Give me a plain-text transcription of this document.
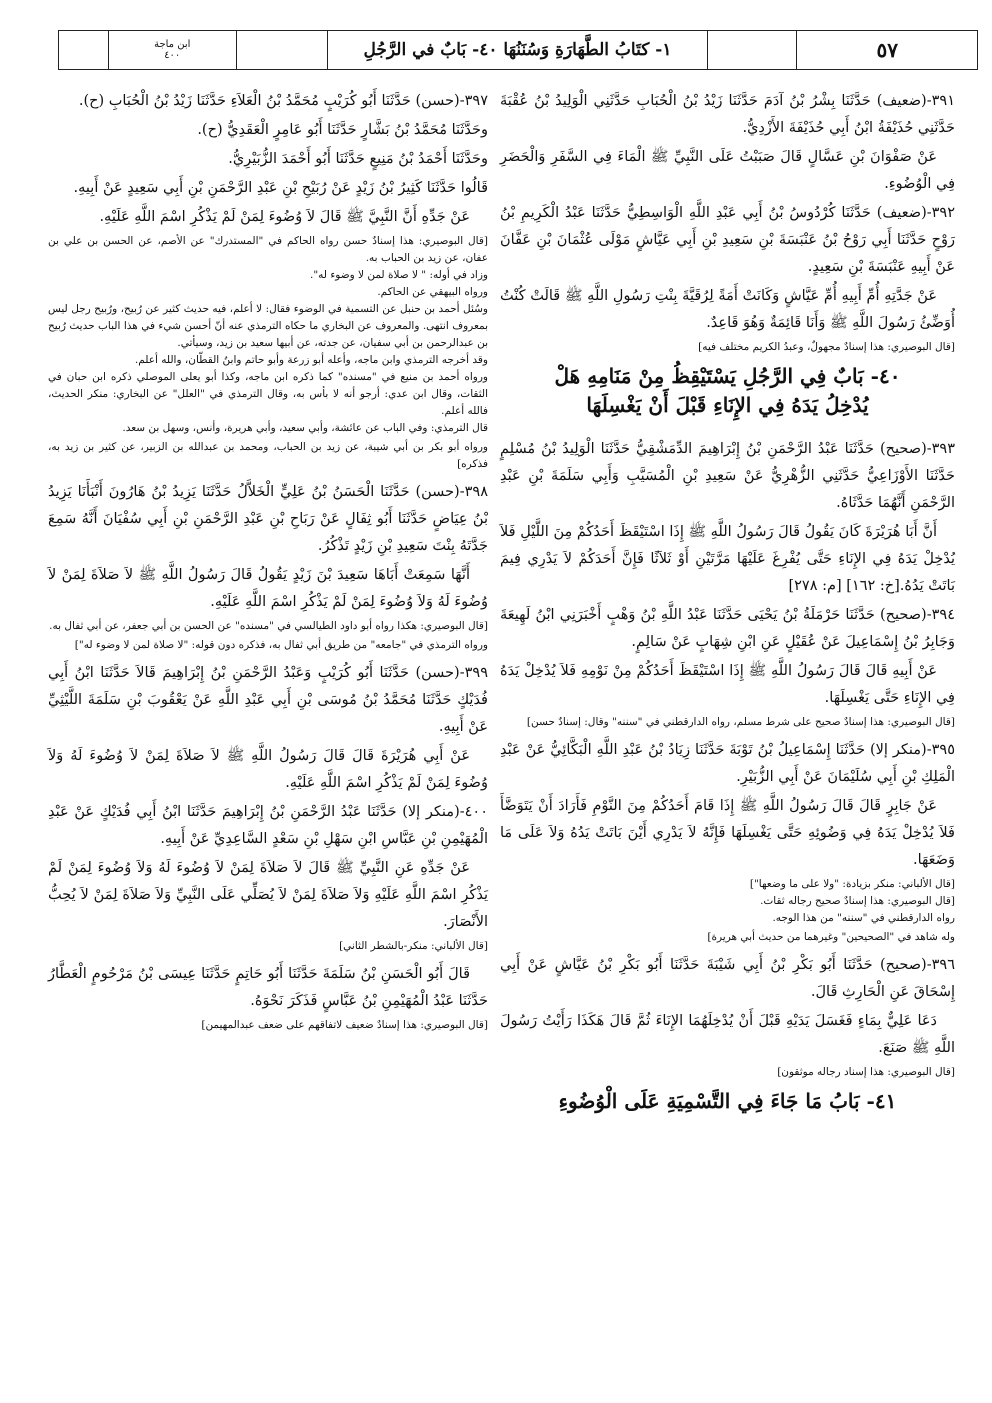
ابن ماجة
٤٠٠	١- كتَابُ الطَّهَارَةِ وَسُنَنُهَا ٤٠- بَابٌ في الرَّجُلِ	٥٧

٣٩١-(ضعيف) حَدَّثَنَا بِشْرُ بْنُ آدَمَ حَدَّثَنَا زَيْدُ بْنُ الْحُبَابِ حَدَّثَنِي الْوَلِيدُ بْنُ عُقْبَةَ حَدَّثَنِي حُذَيْفَةُ ابْنُ أَبِي حُذَيْفَةَ الأَزْدِيُّ.

عَنْ صَفْوَانَ بْنِ عَسَّالٍ قَالَ صَبَبْتُ عَلَى النَّبِيِّ ﷺ الْمَاءَ فِي السَّفَرِ وَالْحَضَرِ فِي الْوُضُوءِ.

٣٩٢-(ضعيف) حَدَّثَنَا كُرْدُوسُ بْنُ أَبِي عَبْدِ اللَّهِ الْوَاسِطِيُّ حَدَّثَنَا عَبْدُ الْكَرِيمِ بْنُ رَوْحٍ حَدَّثَنَا أَبِي رَوْحُ بْنُ عَنْبَسَةَ بْنِ سَعِيدِ بْنِ أَبِي عَيَّاشٍ مَوْلَى عُثْمَانَ بْنِ عَفَّانَ عَنْ أَبِيهِ عَنْبَسَةَ بْنِ سَعِيدٍ.

عَنْ جَدَّتِهِ أُمِّ أَبِيهِ أُمِّ عَيَّاشٍ وَكَانَتْ أَمَةً لِرُقَيَّةَ بِنْتِ رَسُولِ اللَّهِ ﷺ قَالَتْ كُنْتُ أُوَضِّئُ رَسُولَ اللَّهِ ﷺ وَأَنَا قَائِمَةٌ وَهُوَ قَاعِدٌ.

[قال البوصيري: هذا إسنادٌ مجهولٌ، وعبدُ الكريم مختلف فيه]

٤٠- بَابٌ فِي الرَّجُلِ يَسْتَيْقِظُ مِنْ مَنَامِهِ هَلْ يُدْخِلُ يَدَهُ فِي الإِنَاءِ قَبْلَ أَنْ يَغْسِلَهَا

٣٩٣-(صحيح) حَدَّثَنَا عَبْدُ الرَّحْمَنِ بْنُ إِبْرَاهِيمَ الدِّمَشْقِيُّ حَدَّثَنَا الْوَلِيدُ بْنُ مُسْلِمٍ حَدَّثَنَا الأَوْزَاعِيُّ حَدَّثَنِي الزُّهْرِيُّ عَنْ سَعِيدِ بْنِ الْمُسَيَّبِ وَأَبِي سَلَمَةَ بْنِ عَبْدِ الرَّحْمَنِ أَنَّهُمَا حَدَّثَاهُ.

أَنَّ أَبَا هُرَيْرَةَ كَانَ يَقُولُ قَالَ رَسُولُ اللَّهِ ﷺ إِذَا اسْتَيْقَظَ أَحَدُكُمْ مِنَ اللَّيْلِ فَلاَ يُدْخِلْ يَدَهُ فِي الإِنَاءِ حَتَّى يُفْرِغَ عَلَيْهَا مَرَّتَيْنِ أَوْ ثَلاَثًا فَإِنَّ أَحَدَكُمْ لاَ يَدْرِي فِيمَ بَاتَتْ يَدُهُ.[خ: ١٦٢] [م: ٢٧٨]

٣٩٤-(صحيح) حَدَّثَنَا حَرْمَلَةُ بْنُ يَحْيَى حَدَّثَنَا عَبْدُ اللَّهِ بْنُ وَهْبٍ أَخْبَرَنِي ابْنُ لَهِيعَةَ وَجَابِرُ بْنُ إِسْمَاعِيلَ عَنْ عُقَيْلٍ عَنِ ابْنِ شِهَابٍ عَنْ سَالِمٍ.

عَنْ أَبِيهِ قَالَ قَالَ رَسُولُ اللَّهِ ﷺ إِذَا اسْتَيْقَظَ أَحَدُكُمْ مِنْ نَوْمِهِ فَلاَ يُدْخِلْ يَدَهُ فِي الإِنَاءِ حَتَّى يَغْسِلَهَا.

[قال البوصيري: هذا إسنادٌ صحيح على شرط مسلم، رواه الدارقطني في "سننه" وقال: إسنادٌ حسن]

٣٩٥-(منكر إلا) حَدَّثَنَا إِسْمَاعِيلُ بْنُ تَوْبَةَ حَدَّثَنَا زِيَادُ بْنُ عَبْدِ اللَّهِ الْبَكَّائِيُّ عَنْ عَبْدِ الْمَلِكِ بْنِ أَبِي سُلَيْمَانَ عَنْ أَبِي الزُّبَيْرِ.

عَنْ جَابِرٍ قَالَ قَالَ رَسُولُ اللَّهِ ﷺ إِذَا قَامَ أَحَدُكُمْ مِنَ النَّوْمِ فَأَرَادَ أَنْ يَتَوَضَّأَ فَلاَ يُدْخِلْ يَدَهُ فِي وَضُوئِهِ حَتَّى يَغْسِلَهَا فَإِنَّهُ لاَ يَدْرِي أَيْنَ بَاتَتْ يَدُهُ وَلاَ عَلَى مَا وَضَعَهَا.

[قال الألباني: منكر بزيادة: "ولا على ما وضعها"]

[قال البوصيري: هذا إسنادٌ صحيح رجاله ثقات.

رواه الدارقطني في "سننه" من هذا الوجه.

وله شاهد في "الصحيحين" وغيرهما من حديث أبي هريرة]

٣٩٦-(صحيح) حَدَّثَنَا أَبُو بَكْرِ بْنُ أَبِي شَيْبَةَ حَدَّثَنَا أَبُو بَكْرِ بْنُ عَيَّاشٍ عَنْ أَبِي إِسْحَاقَ عَنِ الْحَارِثِ قَالَ.

دَعَا عَلِيٌّ بِمَاءٍ فَغَسَلَ يَدَيْهِ قَبْلَ أَنْ يُدْخِلَهُمَا الإِنَاءَ ثُمَّ قَالَ هَكَذَا رَأَيْتُ رَسُولَ اللَّهِ ﷺ صَنَعَ.

[قال البوصيري: هذا إسناد رجاله موثقون]

٤١- بَابُ مَا جَاءَ فِي التَّسْمِيَةِ عَلَى الْوُضُوءِ

٣٩٧-(حسن) حَدَّثَنَا أَبُو كُرَيْبٍ مُحَمَّدُ بْنُ الْعَلاَءِ حَدَّثَنَا زَيْدُ بْنُ الْحُبَابِ (ح).

وحَدَّثَنَا مُحَمَّدُ بْنُ بَشَّارٍ حَدَّثَنَا أَبُو عَامِرٍ الْعَقَدِيُّ (ح).

وحَدَّثَنَا أَحْمَدُ بْنُ مَنِيعٍ حَدَّثَنَا أَبُو أَحْمَدَ الزُّبَيْرِيُّ.

قَالُوا حَدَّثَنَا كَثِيرُ بْنُ زَيْدٍ عَنْ رُبَيْحِ بْنِ عَبْدِ الرَّحْمَنِ بْنِ أَبِي سَعِيدٍ عَنْ أَبِيهِ.

عَنْ جَدِّهِ أَنَّ النَّبِيَّ ﷺ قَالَ لاَ وُضُوءَ لِمَنْ لَمْ يَذْكُرِ اسْمَ اللَّهِ عَلَيْهِ.

[قال البوصيري: هذا إسنادٌ حسن رواه الحاكم في "المستدرك" عن الأصم، عن الحسن بن علي بن عفان، عن زيد بن الحباب به.

وزاد في أوله: " لا صلاة لمن لا وضوء له".

ورواه البيهقي عن الحاكم.

وسُئل أحمد بن حنبل عن التسمية في الوضوء فقال: لا أعلم، فيه حديث كثير عن رُبيح، ورُبيح رجل ليس بمعروف انتهى. والمعروف عن البخاري ما حكاه الترمذي عنه أنّ أحسن شيء في هذا الباب حديث رُبيح بن عبدالرحمن بن أبي سفيان، عن جدته، عن أبيها سعيد بن زيد، وسيأتي.

وقد أخرجه الترمذي وابن ماجه، وأعله أبو زرعة وأبو حاتم وابنُ القطّان، والله أعلم.

ورواه أحمد بن منيع في "مسنده" كما ذكره ابن ماجه، وكذا أبو يعلى الموصلي ذكره ابن حبان في الثقات، وقال ابن عدي: أرجو أنه لا بأس به، وقال الترمذي في "العلل" عن البخاري: منكر الحديث، فالله أعلم.

قال الترمذي: وفي الباب عن عائشة، وأبي سعيد، وأبي هريرة، وأنس، وسهل بن سعد.

ورواه أبو بكر بن أبي شيبة، عن زيد بن الحباب، ومحمد بن عبدالله بن الزبير، عن كثير بن زيد به، فذكره]

٣٩٨-(حسن) حَدَّثَنَا الْحَسَنُ بْنُ عَلِيٍّ الْخَلاَّلُ حَدَّثَنَا يَزِيدُ بْنُ هَارُونَ أَنْبَأَنَا يَزِيدُ بْنُ عِيَاضٍ حَدَّثَنَا أَبُو ثِفَالٍ عَنْ رَبَاحِ بْنِ عَبْدِ الرَّحْمَنِ بْنِ أَبِي سُفْيَانَ أَنَّهُ سَمِعَ جَدَّتَهُ بِنْتَ سَعِيدِ بْنِ زَيْدٍ تَذْكُرُ.

أَنَّهَا سَمِعَتْ أَبَاهَا سَعِيدَ بْنَ زَيْدٍ يَقُولُ قَالَ رَسُولُ اللَّهِ ﷺ لاَ صَلاَةَ لِمَنْ لاَ وُضُوءَ لَهُ وَلاَ وُضُوءَ لِمَنْ لَمْ يَذْكُرِ اسْمَ اللَّهِ عَلَيْهِ.

[قال البوصيري: هكذا رواه أبو داود الطيالسي في "مسنده" عن الحسن بن أبي جعفر، عن أبي ثفال به.

ورواه الترمذي في "جامعه" من طريق أبي ثفال به، فذكره دون قوله: "لا صلاة لمن لا وضوء له"]

٣٩٩-(حسن) حَدَّثَنَا أَبُو كُرَيْبٍ وَعَبْدُ الرَّحْمَنِ بْنُ إِبْرَاهِيمَ قَالاَ حَدَّثَنَا ابْنُ أَبِي فُدَيْكٍ حَدَّثَنَا مُحَمَّدُ بْنُ مُوسَى بْنِ أَبِي عَبْدِ اللَّهِ عَنْ يَعْقُوبَ بْنِ سَلَمَةَ اللَّيْثِيِّ عَنْ أَبِيهِ.

عَنْ أَبِي هُرَيْرَةَ قَالَ قَالَ رَسُولُ اللَّهِ ﷺ لاَ صَلاَةَ لِمَنْ لاَ وُضُوءَ لَهُ وَلاَ وُضُوءَ لِمَنْ لَمْ يَذْكُرِ اسْمَ اللَّهِ عَلَيْهِ.

٤٠٠-(منكر إلا) حَدَّثَنَا عَبْدُ الرَّحْمَنِ بْنُ إِبْرَاهِيمَ حَدَّثَنَا ابْنُ أَبِي فُدَيْكٍ عَنْ عَبْدِ الْمُهَيْمِنِ بْنِ عَبَّاسِ ابْنِ سَهْلِ بْنِ سَعْدٍ السَّاعِدِيِّ عَنْ أَبِيهِ.

عَنْ جَدِّهِ عَنِ النَّبِيِّ ﷺ قَالَ لاَ صَلاَةَ لِمَنْ لاَ وُضُوءَ لَهُ وَلاَ وُضُوءَ لِمَنْ لَمْ يَذْكُرِ اسْمَ اللَّهِ عَلَيْهِ وَلاَ صَلاَةَ لِمَنْ لاَ يُصَلِّي عَلَى النَّبِيِّ وَلاَ صَلاَةَ لِمَنْ لاَ يُحِبُّ الأَنْصَارَ.

[قال الألباني: منكر-بالشطر الثاني]

قَالَ أَبُو الْحَسَنِ بْنُ سَلَمَةَ حَدَّثَنَا أَبُو حَاتِمٍ حَدَّثَنَا عِيسَى بْنُ مَرْحُومٍ الْعَطَّارُ حَدَّثَنَا عَبْدُ الْمُهَيْمِنِ بْنُ عَبَّاسٍ فَذَكَرَ نَحْوَهُ.

[قال البوصيري: هذا إسنادٌ ضعيف لاتفاقهم على ضعف عبدالمهيمن]
